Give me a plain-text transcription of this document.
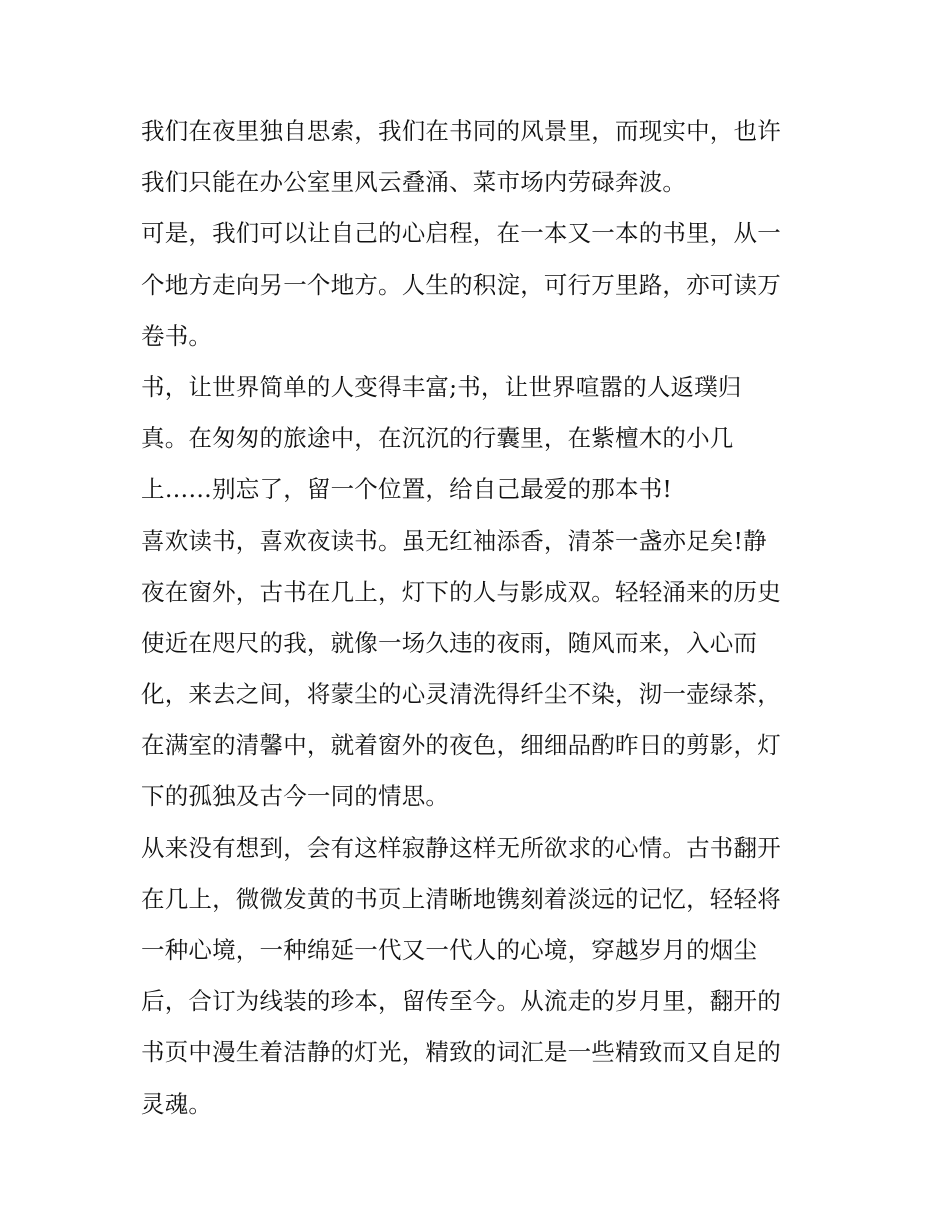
我们在夜里独自思索，我们在书同的风景里，而现实中，也许
我们只能在办公室里风云叠涌、菜市场内劳碌奔波。
可是，我们可以让自己的心启程，在一本又一本的书里，从一
个地方走向另一个地方。人生的积淀，可行万里路，亦可读万
卷书。
书，让世界简单的人变得丰富;书，让世界喧嚣的人返璞归
真。在匆匆的旅途中，在沉沉的行囊里，在紫檀木的小几
上……别忘了，留一个位置，给自己最爱的那本书!
喜欢读书，喜欢夜读书。虽无红袖添香，清茶一盏亦足矣!静
夜在窗外，古书在几上，灯下的人与影成双。轻轻涌来的历史
使近在咫尺的我，就像一场久违的夜雨，随风而来，入心而
化，来去之间，将蒙尘的心灵清洗得纤尘不染，沏一壶绿茶，
在满室的清馨中，就着窗外的夜色，细细品酌昨日的剪影，灯
下的孤独及古今一同的情思。
从来没有想到，会有这样寂静这样无所欲求的心情。古书翻开
在几上，微微发黄的书页上清晰地镌刻着淡远的记忆，轻轻将
一种心境，一种绵延一代又一代人的心境，穿越岁月的烟尘
后，合订为线装的珍本，留传至今。从流走的岁月里，翻开的
书页中漫生着洁静的灯光，精致的词汇是一些精致而又自足的
灵魂。
